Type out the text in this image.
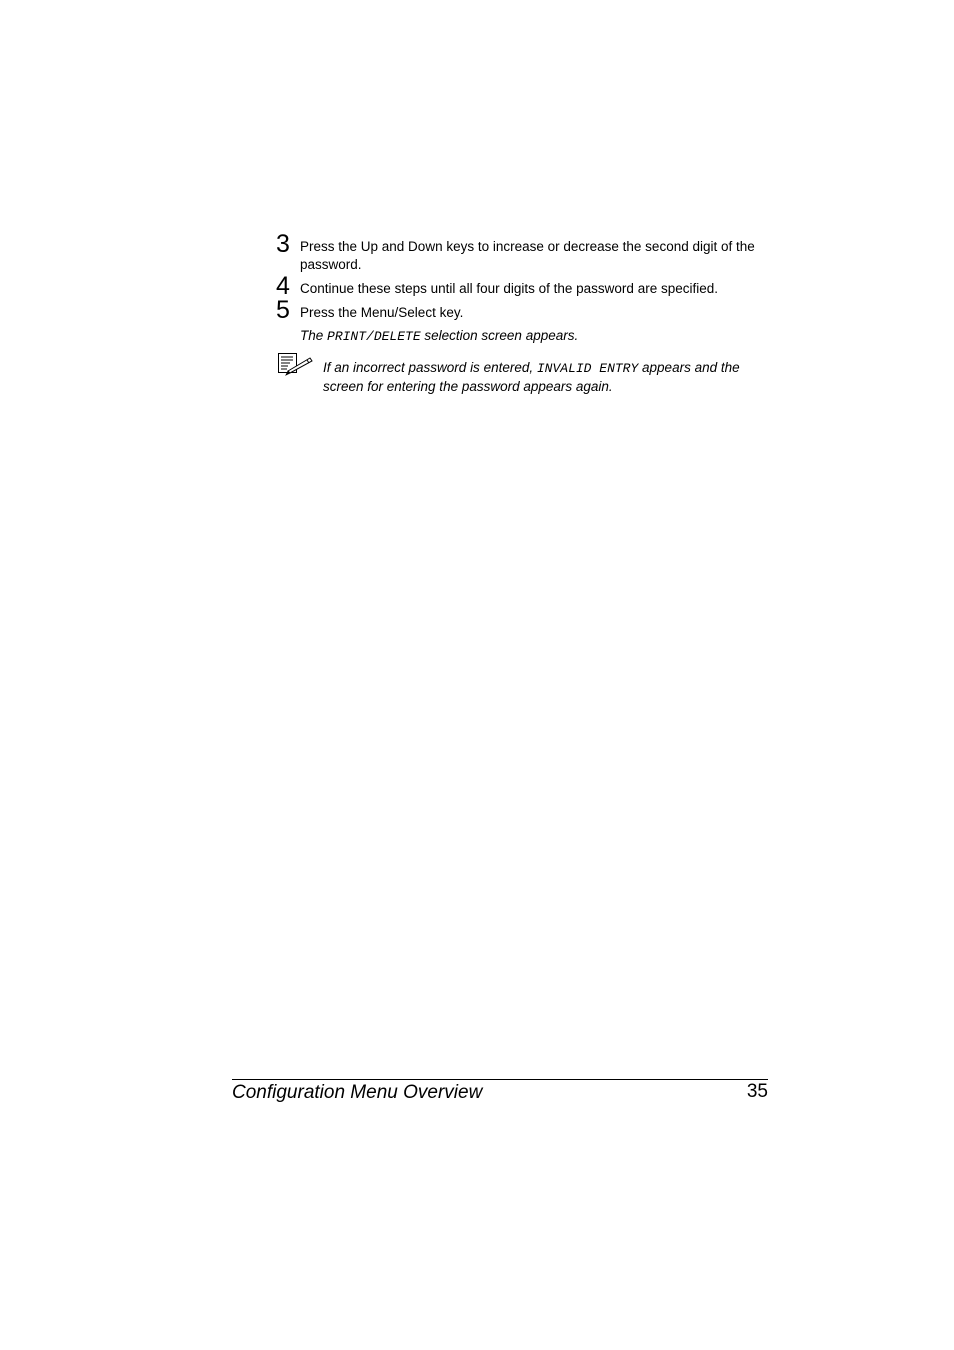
3 Press the Up and Down keys to increase or decrease the second digit of the password.
4 Continue these steps until all four digits of the password are specified.
5 Press the Menu/Select key.
The PRINT/DELETE selection screen appears.
If an incorrect password is entered, INVALID ENTRY appears and the screen for entering the password appears again.
Configuration Menu Overview	35
